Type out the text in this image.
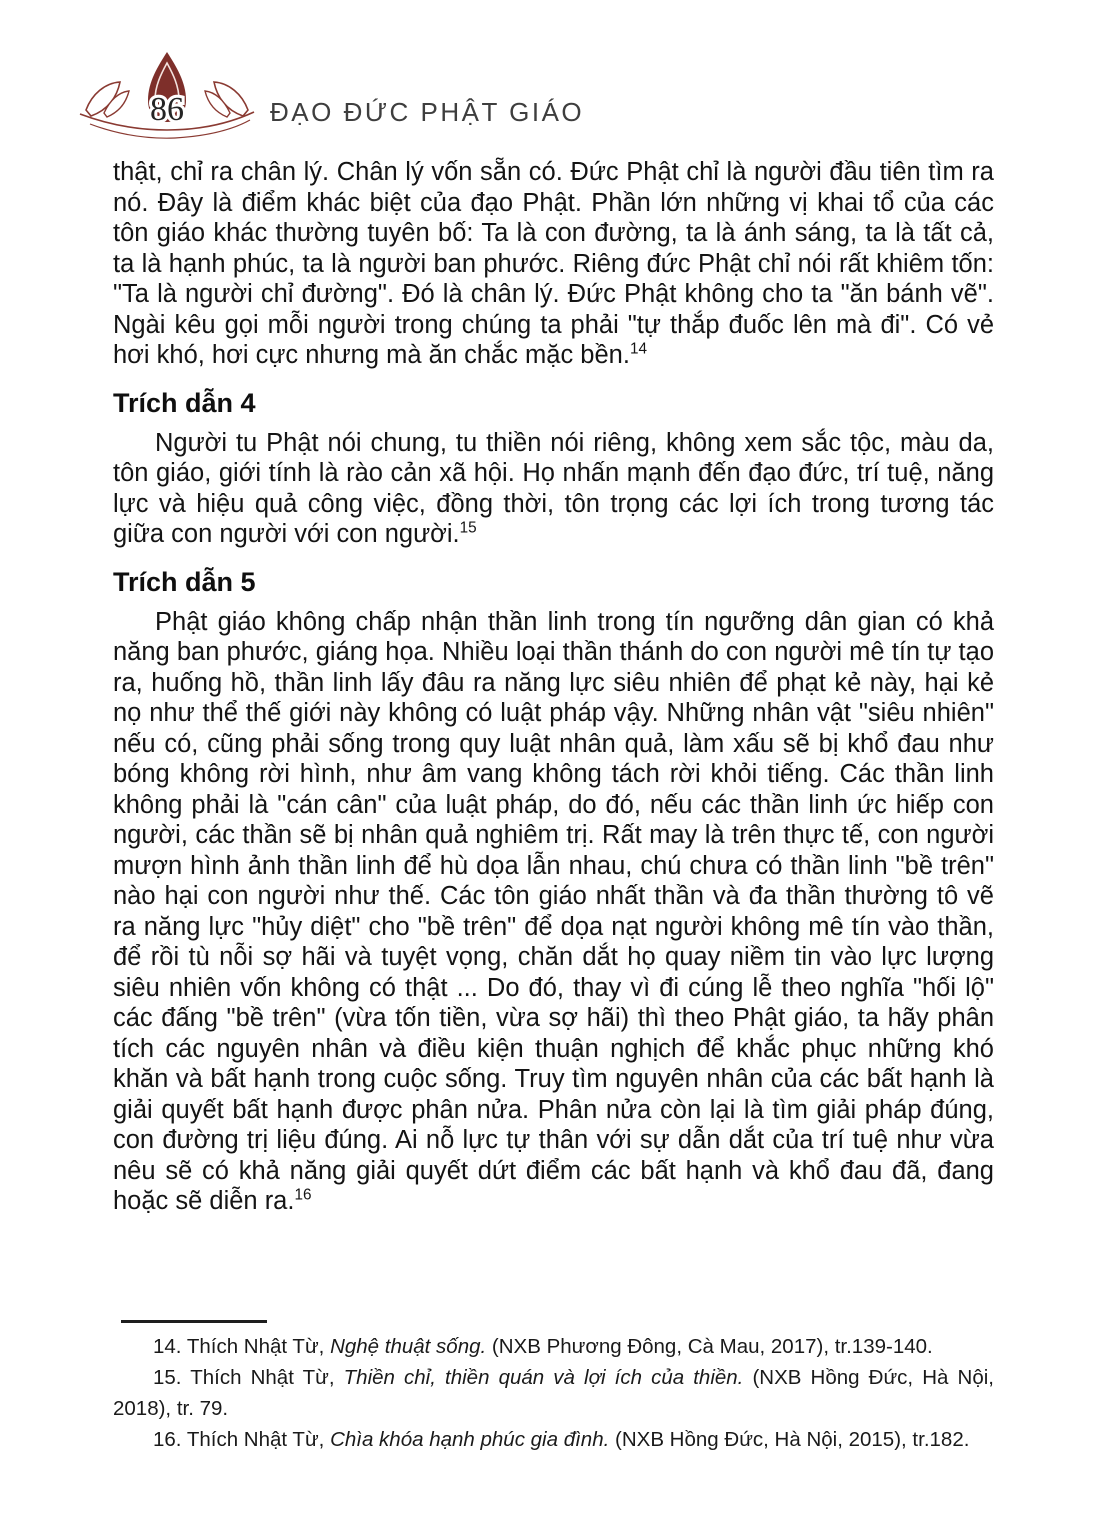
86	ĐẠO ĐỨC PHẬT GIÁO

thật, chỉ ra chân lý. Chân lý vốn sẵn có. Đức Phật chỉ là người đầu tiên tìm ra nó. Đây là điểm khác biệt của đạo Phật. Phần lớn những vị khai tổ của các tôn giáo khác thường tuyên bố: Ta là con đường, ta là ánh sáng, ta là tất cả, ta là hạnh phúc, ta là người ban phước. Riêng đức Phật chỉ nói rất khiêm tốn: "Ta là người chỉ đường". Đó là chân lý. Đức Phật không cho ta "ăn bánh vẽ". Ngài kêu gọi mỗi người trong chúng ta phải "tự thắp đuốc lên mà đi". Có vẻ hơi khó, hơi cực nhưng mà ăn chắc mặc bền.$^{14}$

Trích dẫn 4

Người tu Phật nói chung, tu thiền nói riêng, không xem sắc tộc, màu da, tôn giáo, giới tính là rào cản xã hội. Họ nhấn mạnh đến đạo đức, trí tuệ, năng lực và hiệu quả công việc, đồng thời, tôn trọng các lợi ích trong tương tác giữa con người với con người.$^{15}$

Trích dẫn 5

Phật giáo không chấp nhận thần linh trong tín ngưỡng dân gian có khả năng ban phước, giáng họa. Nhiều loại thần thánh do con người mê tín tự tạo ra, huống hồ, thần linh lấy đâu ra năng lực siêu nhiên để phạt kẻ này, hại kẻ nọ như thể thế giới này không có luật pháp vậy. Những nhân vật "siêu nhiên" nếu có, cũng phải sống trong quy luật nhân quả, làm xấu sẽ bị khổ đau như bóng không rời hình, như âm vang không tách rời khỏi tiếng. Các thần linh không phải là "cán cân" của luật pháp, do đó, nếu các thần linh ức hiếp con người, các thần sẽ bị nhân quả nghiêm trị. Rất may là trên thực tế, con người mượn hình ảnh thần linh để hù dọa lẫn nhau, chú chưa có thần linh "bề trên" nào hại con người như thế. Các tôn giáo nhất thần và đa thần thường tô vẽ ra năng lực "hủy diệt" cho "bề trên" để dọa nạt người không mê tín vào thần, để rồi tù nỗi sợ hãi và tuyệt vọng, chăn dắt họ quay niềm tin vào lực lượng siêu nhiên vốn không có thật ... Do đó, thay vì đi cúng lễ theo nghĩa "hối lộ" các đấng "bề trên" (vừa tốn tiền, vừa sợ hãi) thì theo Phật giáo, ta hãy phân tích các nguyên nhân và điều kiện thuận nghịch để khắc phục những khó khăn và bất hạnh trong cuộc sống. Truy tìm nguyên nhân của các bất hạnh là giải quyết bất hạnh được phân nửa. Phân nửa còn lại là tìm giải pháp đúng, con đường trị liệu đúng. Ai nỗ lực tự thân với sự dẫn dắt của trí tuệ như vừa nêu sẽ có khả năng giải quyết dứt điểm các bất hạnh và khổ đau đã, đang hoặc sẽ diễn ra.$^{16}$

14. Thích Nhật Từ, Nghệ thuật sống. (NXB Phương Đông, Cà Mau, 2017), tr.139-140.

15. Thích Nhật Từ, Thiền chỉ, thiền quán và lợi ích của thiền. (NXB Hồng Đức, Hà Nội, 2018), tr. 79.

16. Thích Nhật Từ, Chìa khóa hạnh phúc gia đình. (NXB Hồng Đức, Hà Nội, 2015), tr.182.
